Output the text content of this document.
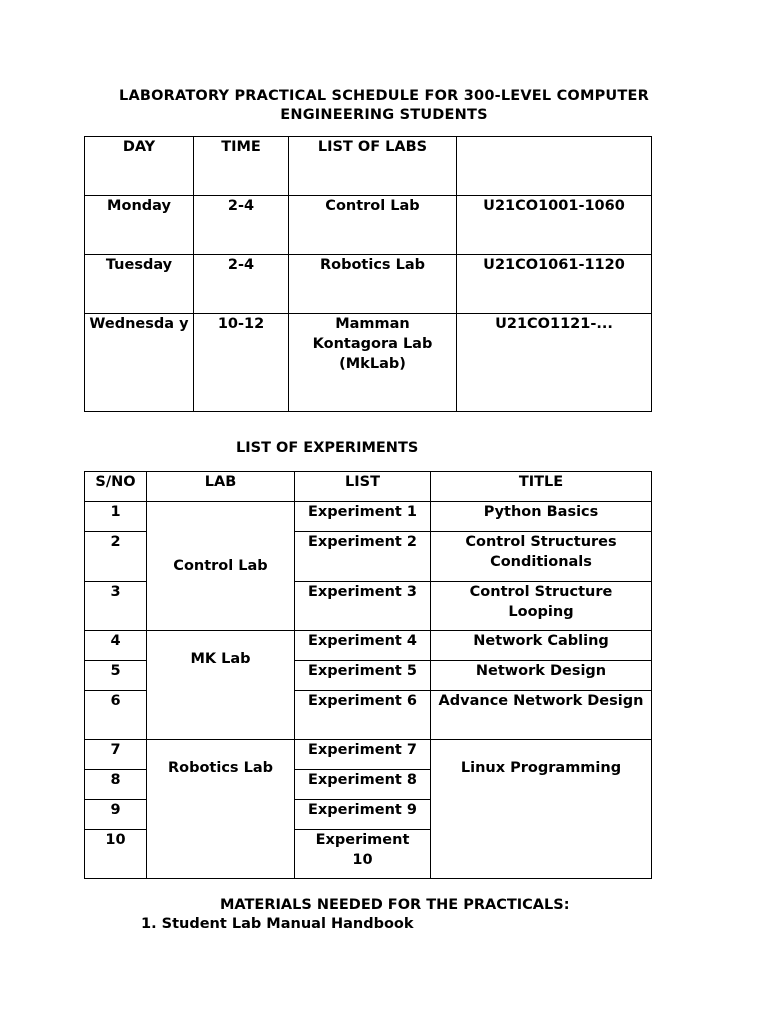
LABORATORY PRACTICAL SCHEDULE FOR 300-LEVEL COMPUTER ENGINEERING STUDENTS
DAY	TIME	LIST OF LABS	
Monday	2-4	Control Lab	U21CO1001-1060
Tuesday	2-4	Robotics Lab	U21CO1061-1120
Wednesda y	10-12	Mamman Kontagora Lab (MkLab)	U21CO1121-...
LIST OF EXPERIMENTS
S/NO	LAB	LIST	TITLE
1	Control Lab	Experiment 1	Python Basics
2		Experiment 2	Control Structures Conditionals
3		Experiment 3	Control Structure Looping
4	MK Lab	Experiment 4	Network Cabling
5		Experiment 5	Network Design
6		Experiment 6	Advance Network Design
7	Robotics Lab	Experiment 7	Linux Programming
8		Experiment 8	
9		Experiment 9	
10		Experiment 10	
MATERIALS NEEDED FOR THE PRACTICALS:
1. Student Lab Manual Handbook
